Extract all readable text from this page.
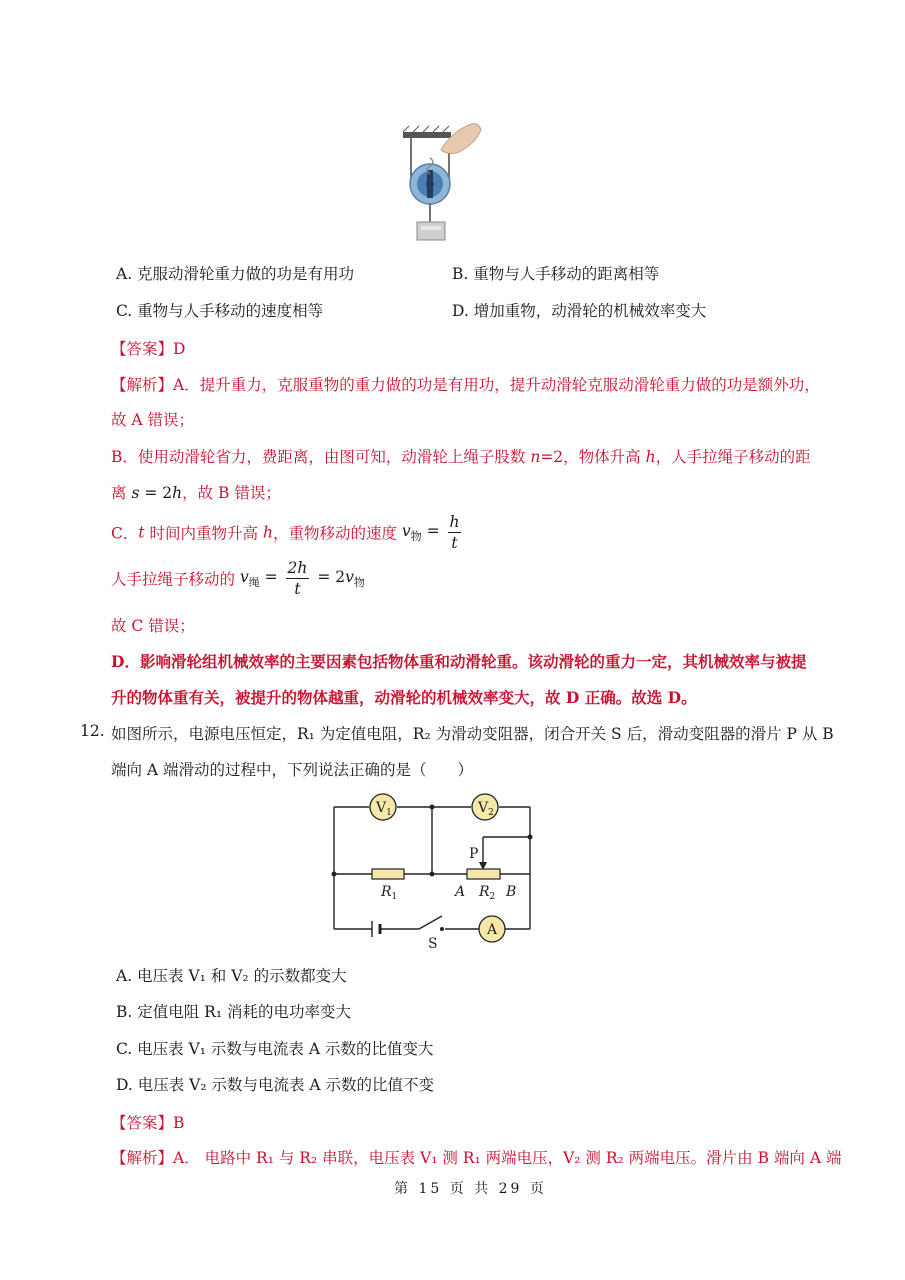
A. 克服动滑轮重力做的功是有用功	B. 重物与人手移动的距离相等
C. 重物与人手移动的速度相等	D. 增加重物，动滑轮的机械效率变大
【答案】D
【解析】A．提升重力，克服重物的重力做的功是有用功，提升动滑轮克服动滑轮重力做的功是额外功，
故 A 错误；
B．使用动滑轮省力，费距离，由图可知，动滑轮上绳子股数 n=2，物体升高 h，人手拉绳子移动的距
离 s = 2h，故 B 错误；
C．t 时间内重物升高 h，重物移动的速度 $v_物 = \frac{h}{t}$
人手拉绳子移动的 $v_绳 = \frac{2h}{t} = 2v_物$
故 C 错误；
D．影响滑轮组机械效率的主要因素包括物体重和动滑轮重。该动滑轮的重力一定，其机械效率与被提
升的物体重有关，被提升的物体越重，动滑轮的机械效率变大，故 D 正确。故选 D。
12. 如图所示，电源电压恒定，R₁ 为定值电阻，R₂ 为滑动变阻器，闭合开关 S 后，滑动变阻器的滑片 P 从 B
端向 A 端滑动的过程中，下列说法正确的是（　　）
$V_1$	$V_2$
A
$R_1$	$R_2$
P
A	B
S
A. 电压表 V₁ 和 V₂ 的示数都变大
B. 定值电阻 R₁ 消耗的电功率变大
C. 电压表 V₁ 示数与电流表 A 示数的比值变大
D. 电压表 V₂ 示数与电流表 A 示数的比值不变
【答案】B
【解析】A． 电路中 R₁ 与 R₂ 串联，电压表 V₁ 测 R₁ 两端电压，V₂ 测 R₂ 两端电压。滑片由 B 端向 A 端
第 15 页 共 29 页
